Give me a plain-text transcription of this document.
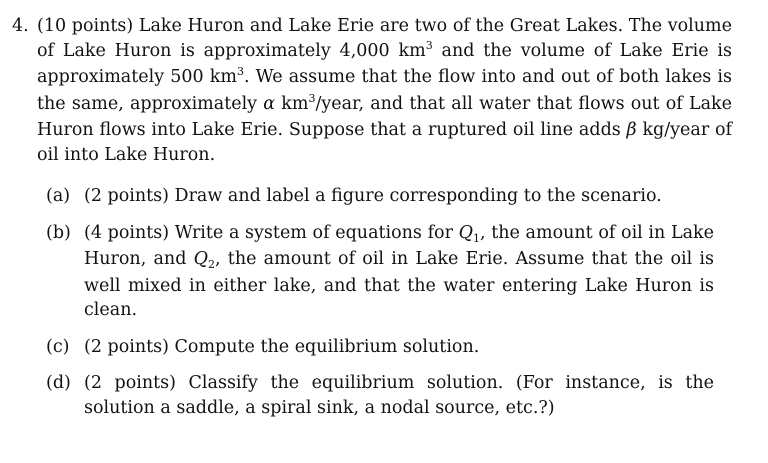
4. (10 points) Lake Huron and Lake Erie are two of the Great Lakes. The volume of Lake Huron is approximately 4,000 $km^3$ and the volume of Lake Erie is approximately 500 $km^3$. We assume that the flow into and out of both lakes is the same, approximately α $km^3$/year, and that all water that flows out of Lake Huron flows into Lake Erie. Suppose that a ruptured oil line adds β kg/year of oil into Lake Huron.

(a) (2 points) Draw and label a figure corresponding to the scenario.
(b) (4 points) Write a system of equations for $Q_1$, the amount of oil in Lake Huron, and $Q_2$, the amount of oil in Lake Erie. Assume that the oil is well mixed in either lake, and that the water entering Lake Huron is clean.
(c) (2 points) Compute the equilibrium solution.
(d) (2 points) Classify the equilibrium solution. (For instance, is the solution a saddle, a spiral sink, a nodal source, etc.?)
